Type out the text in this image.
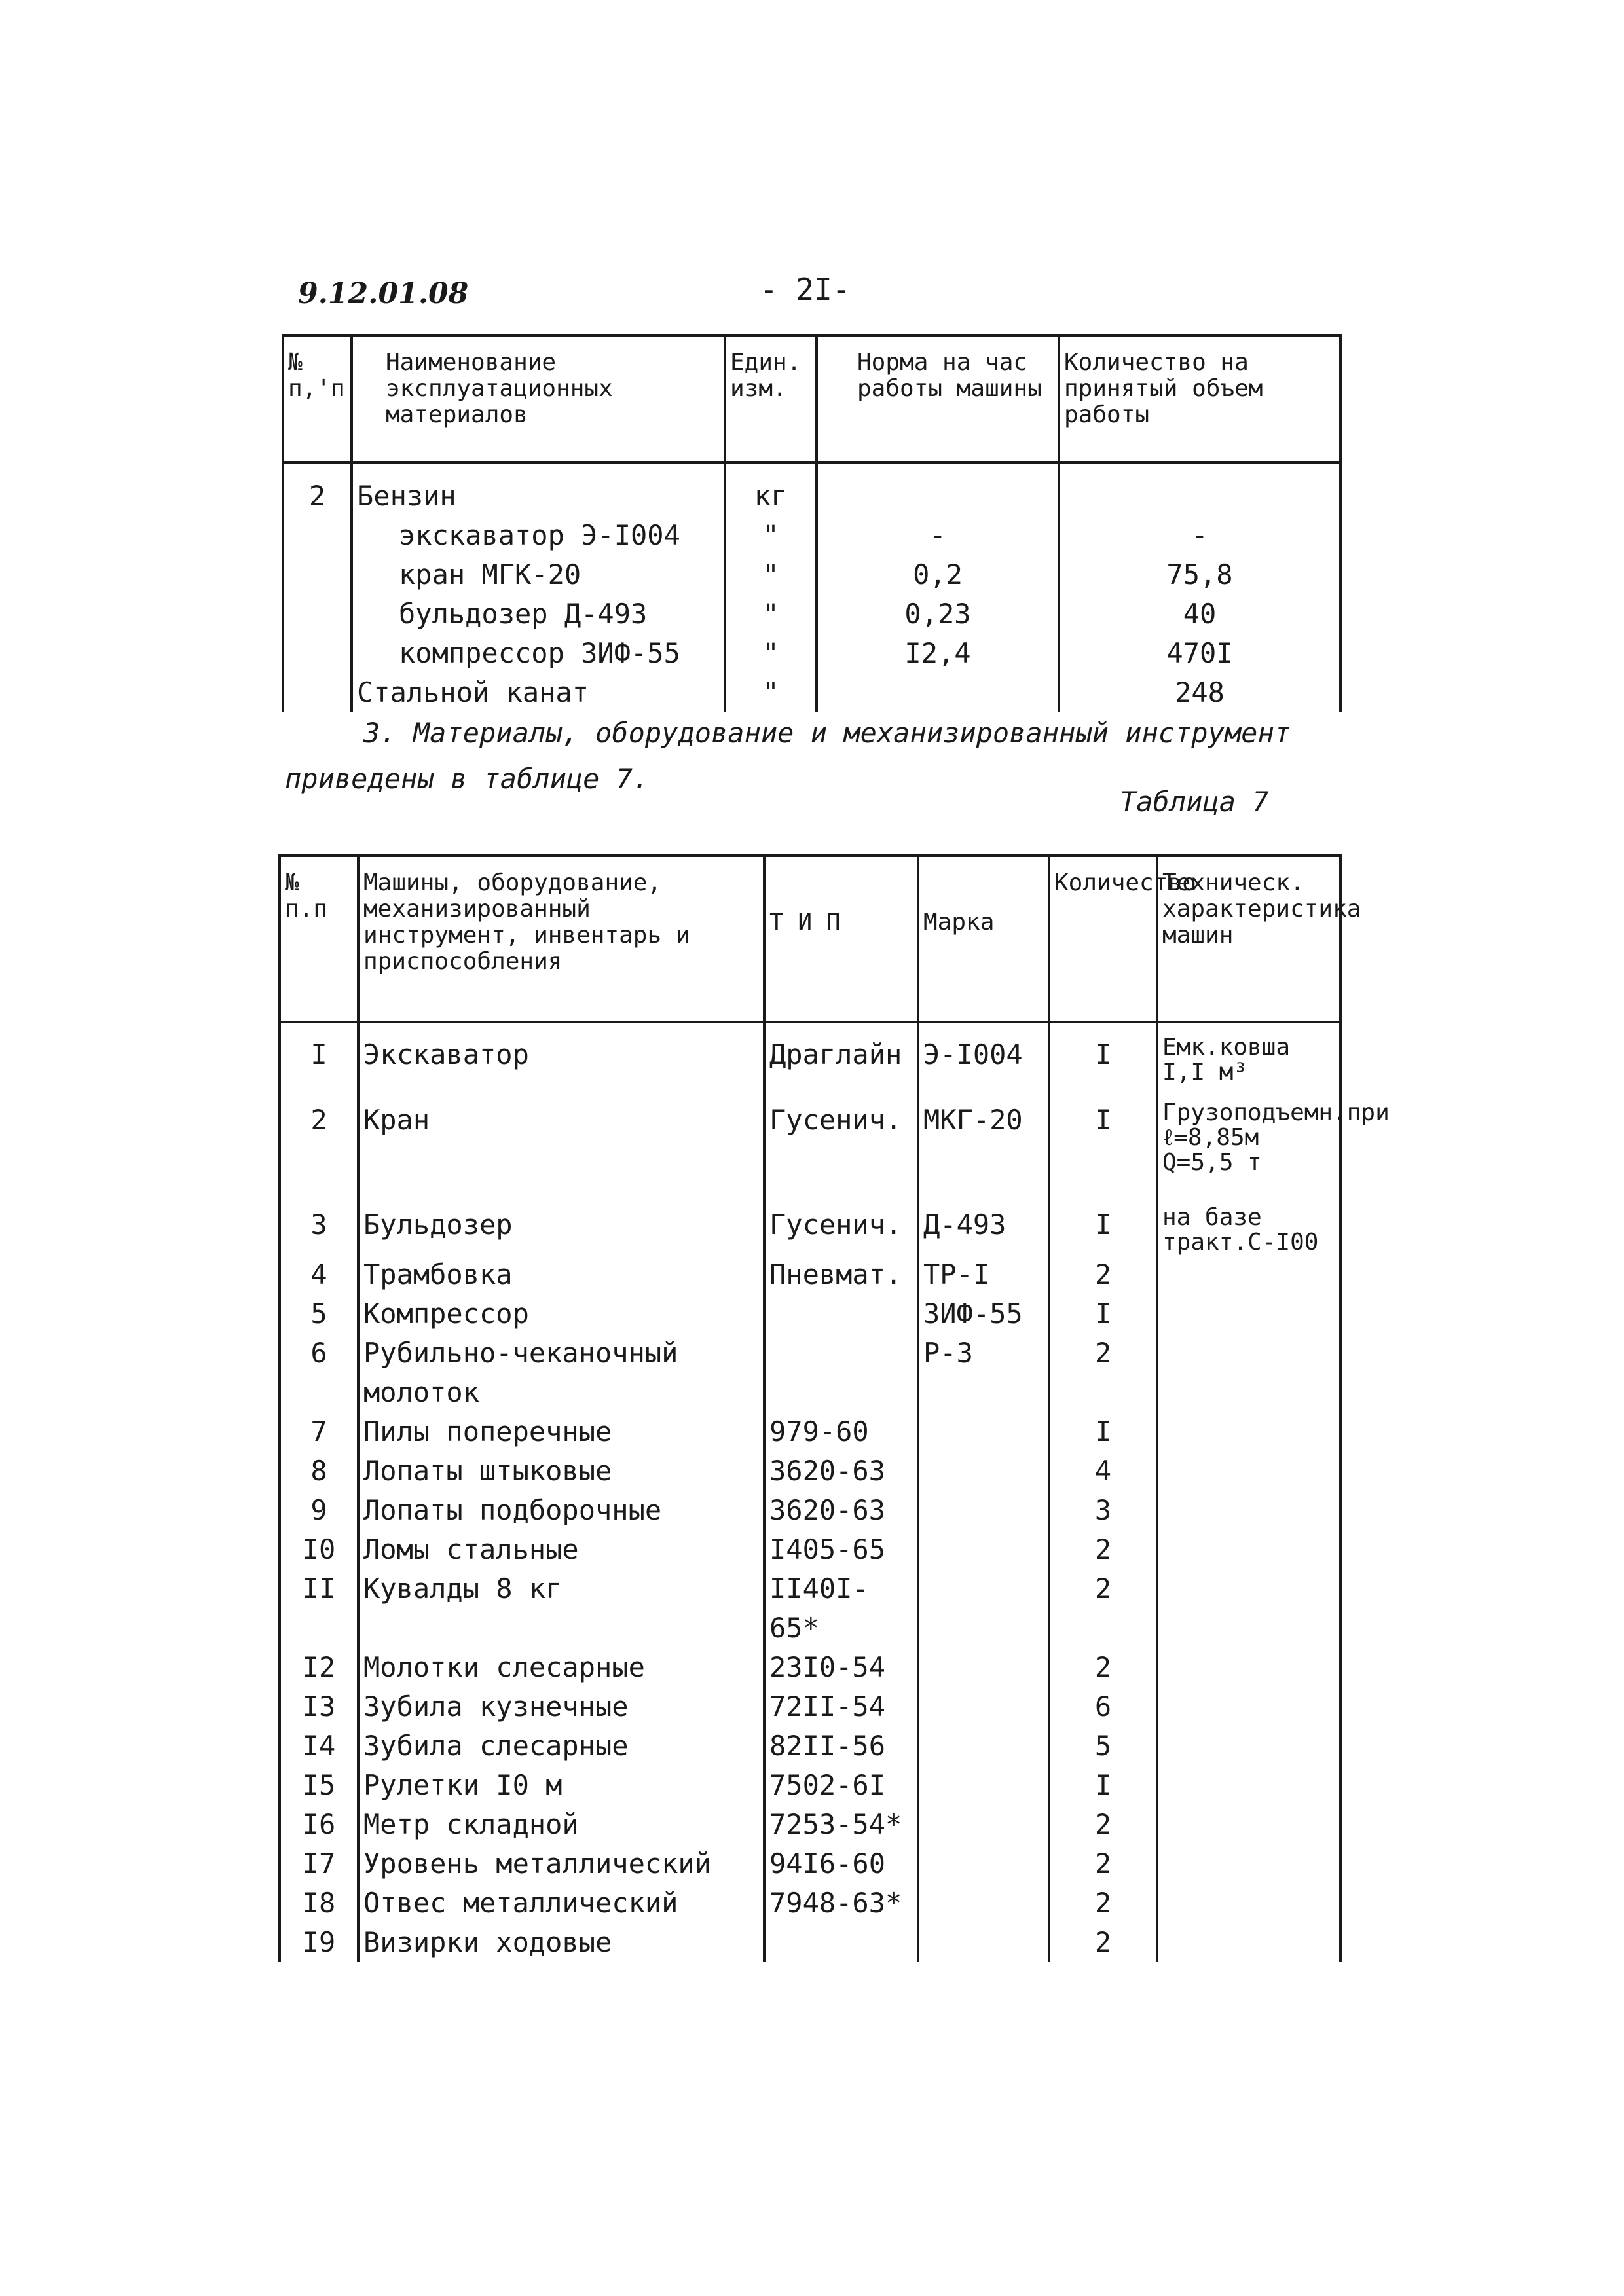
9.12.01.08	- 2I-
№ п,'п	Наименование эксплуатационных материалов	Един. изм.	Норма на час работы машины	Количество на принятый объем работы
2	Бензин	кг		
	экскаватор Э-I004	"	-	-
	кран МГК-20	"	0,2	75,8
	бульдозер Д-493	"	0,23	40
	компрессор ЗИФ-55	"	I2,4	470I
	Стальной канат	"		248
3. Материалы, оборудование и механизированный инструмент
приведены в таблице 7.
Таблица 7
№ п.п	Машины, оборудование, механизированный инструмент, инвентарь и приспособления	Т И П	Марка	Количество	Техническ. характеристика машин
I	Экскаватор	Драглайн	Э-I004	I	Емк.ковша I,I м³
2	Кран	Гусенич.	МКГ-20	I	Грузоподъемн.при ℓ=8,85м Q=5,5 т
3	Бульдозер	Гусенич.	Д-493	I	на базе тракт.С-I00
4	Трамбовка	Пневмат.	ТР-I	2	
5	Компрессор		ЗИФ-55	I	
6	Рубильно-чеканочный молоток		Р-3	2	
7	Пилы поперечные	979-60		I	
8	Лопаты штыковые	3620-63		4	
9	Лопаты подборочные	3620-63		3	
I0	Ломы стальные	I405-65		2	
II	Кувалды 8 кг	II40I-65*		2	
I2	Молотки слесарные	23I0-54		2	
I3	Зубила кузнечные	72II-54		6	
I4	Зубила слесарные	82II-56		5	
I5	Рулетки I0 м	7502-6I		I	
I6	Метр складной	7253-54*		2	
I7	Уровень металлический	94I6-60		2	
I8	Отвес металлический	7948-63*		2	
I9	Визирки ходовые			2	
